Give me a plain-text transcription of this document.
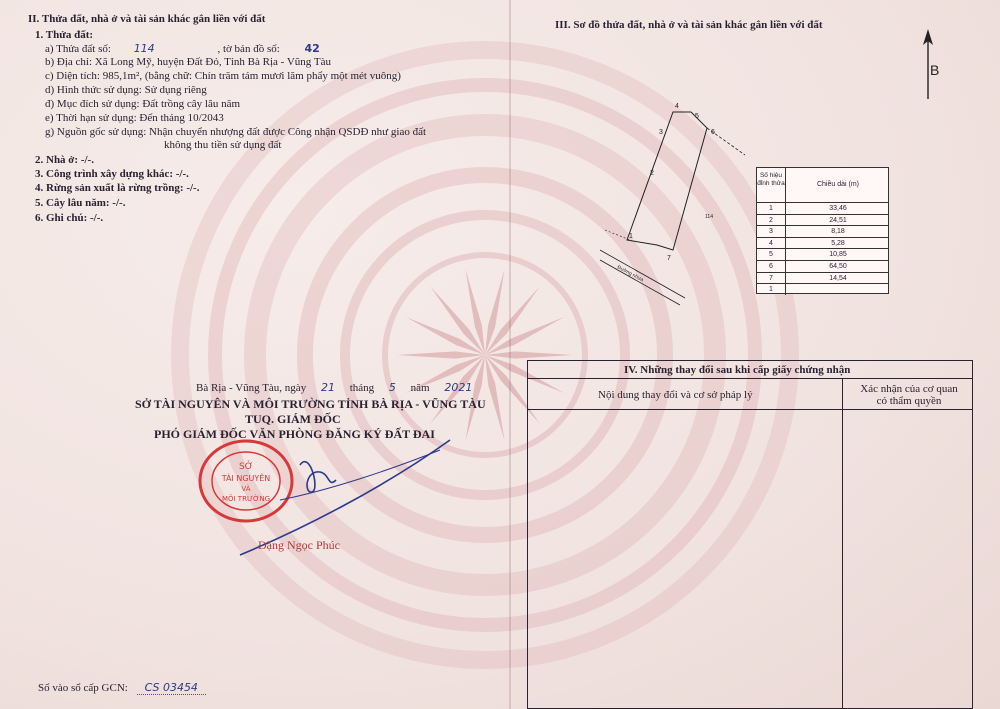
II. Thửa đất, nhà ở và tài sản khác gắn liền với đất
1. Thửa đất:
a) Thửa đất số: 114	, tờ bản đồ số: 42
b) Địa chỉ: Xã Long Mỹ, huyện Đất Đỏ, Tỉnh Bà Rịa - Vũng Tàu
c) Diện tích: 985,1m², (bằng chữ: Chín trăm tám mươi lăm phẩy một mét vuông)
d) Hình thức sử dụng: Sử dụng riêng
đ) Mục đích sử dụng: Đất trồng cây lâu năm
e) Thời hạn sử dụng: Đến tháng 10/2043
g) Nguồn gốc sử dụng: Nhận chuyển nhượng đất được Công nhận QSDĐ như giao đất
không thu tiền sử dụng đất
2. Nhà ở: -/-.
3. Công trình xây dựng khác: -/-.
4. Rừng sản xuất là rừng trồng: -/-.
5. Cây lâu năm: -/-.
6. Ghi chú: -/-.
Bà Rịa - Vũng Tàu, ngày 21 tháng 5 năm 2021
SỞ TÀI NGUYÊN VÀ MÔI TRƯỜNG TỈNH BÀ RỊA - VŨNG TÀU
TUQ. GIÁM ĐỐC
PHÓ GIÁM ĐỐC VĂN PHÒNG ĐĂNG KÝ ĐẤT ĐAI
SỞ
TÀI NGUYÊN
VÀ
MÔI TRƯỜNG
Đặng Ngọc Phúc
Số vào sổ cấp GCN: CS 03454
III. Sơ đồ thửa đất, nhà ở và tài sản khác gắn liền với đất
B
1
2
3
4
5
6
7
114
Đường nhựa
Số hiệu đỉnh thửa	Chiều dài (m)
1	33,46
2	24,51
3	8,18
4	5,28
5	10,85
6	64,50
7	14,54
1
IV. Những thay đổi sau khi cấp giấy chứng nhận
Nội dung thay đổi và cơ sở pháp lý	Xác nhận của cơ quan
có thẩm quyền
